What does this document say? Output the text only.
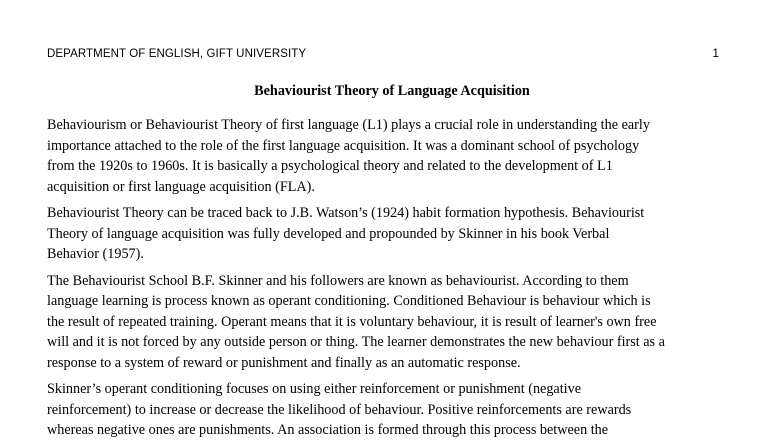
DEPARTMENT OF ENGLISH, GIFT UNIVERSITY	1
Behaviourist Theory of Language Acquisition

Behaviourism or Behaviourist Theory of first language (L1) plays a crucial role in understanding the early
importance attached to the role of the first language acquisition. It was a dominant school of psychology
from the 1920s to 1960s. It is basically a psychological theory and related to the development of L1
acquisition or first language acquisition (FLA).

Behaviourist Theory can be traced back to J.B. Watson’s (1924) habit formation hypothesis. Behaviourist
Theory of language acquisition was fully developed and propounded by Skinner in his book Verbal
Behavior (1957).

The Behaviourist School B.F. Skinner and his followers are known as behaviourist. According to them
language learning is process known as operant conditioning. Conditioned Behaviour is behaviour which is
the result of repeated training. Operant means that it is voluntary behaviour, it is result of learner's own free
will and it is not forced by any outside person or thing. The learner demonstrates the new behaviour first as a
response to a system of reward or punishment and finally as an automatic response.

Skinner’s operant conditioning focuses on using either reinforcement or punishment (negative
reinforcement) to increase or decrease the likelihood of behaviour. Positive reinforcements are rewards
whereas negative ones are punishments. An association is formed through this process between the
